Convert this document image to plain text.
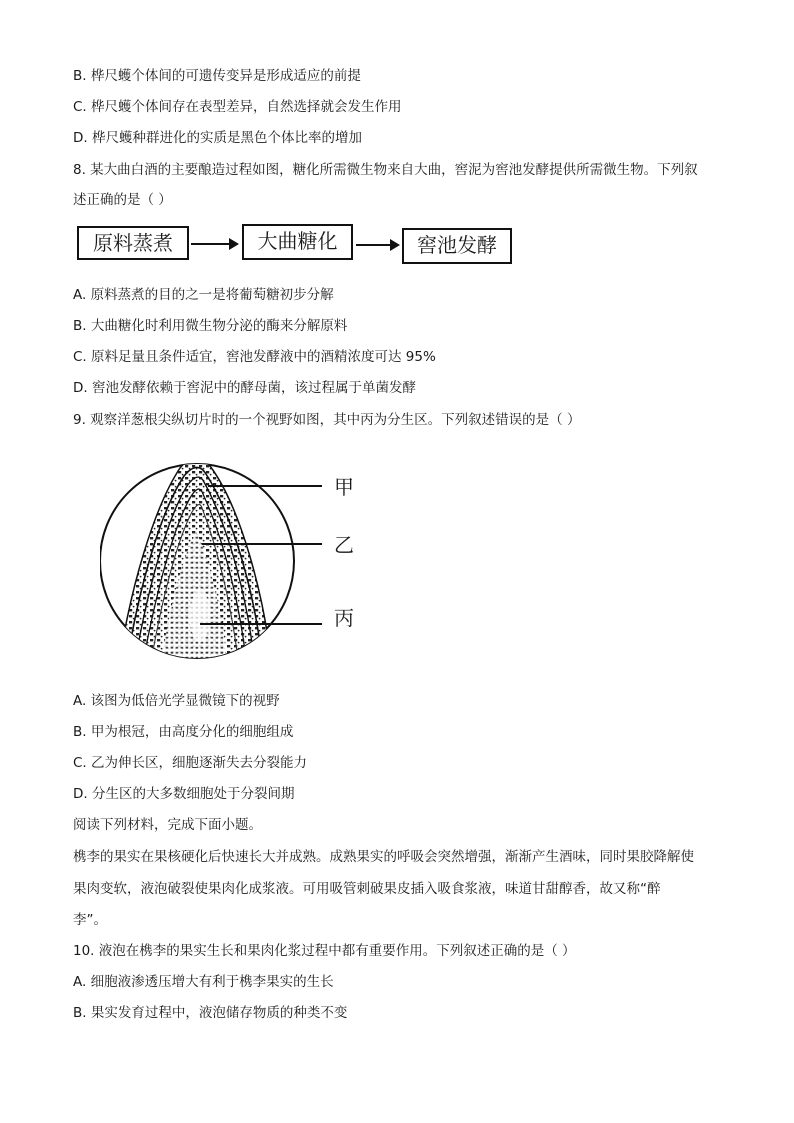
B. 桦尺蠖个体间的可遗传变异是形成适应的前提
C. 桦尺蠖个体间存在表型差异，自然选择就会发生作用
D. 桦尺蠖种群进化的实质是黑色个体比率的增加
8. 某大曲白酒的主要酿造过程如图，糖化所需微生物来自大曲，窖泥为窖池发酵提供所需微生物。下列叙
述正确的是（ ）
原料蒸煮	大曲糖化	窖池发酵
A. 原料蒸煮的目的之一是将葡萄糖初步分解
B. 大曲糖化时利用微生物分泌的酶来分解原料
C. 原料足量且条件适宜，窖池发酵液中的酒精浓度可达 95%
D. 窖池发酵依赖于窖泥中的酵母菌，该过程属于单菌发酵
9. 观察洋葱根尖纵切片时的一个视野如图，其中丙为分生区。下列叙述错误的是（ ）
甲
乙
丙
A. 该图为低倍光学显微镜下的视野
B. 甲为根冠，由高度分化的细胞组成
C. 乙为伸长区，细胞逐渐失去分裂能力
D. 分生区的大多数细胞处于分裂间期
阅读下列材料，完成下面小题。
槜李的果实在果核硬化后快速长大并成熟。成熟果实的呼吸会突然增强，渐渐产生酒味，同时果胶降解使
果肉变软，液泡破裂使果肉化成浆液。可用吸管刺破果皮插入吸食浆液，味道甘甜醇香，故又称“醉
李”。
10. 液泡在槜李的果实生长和果肉化浆过程中都有重要作用。下列叙述正确的是（ ）
A. 细胞液渗透压增大有利于槜李果实的生长
B. 果实发育过程中，液泡储存物质的种类不变
